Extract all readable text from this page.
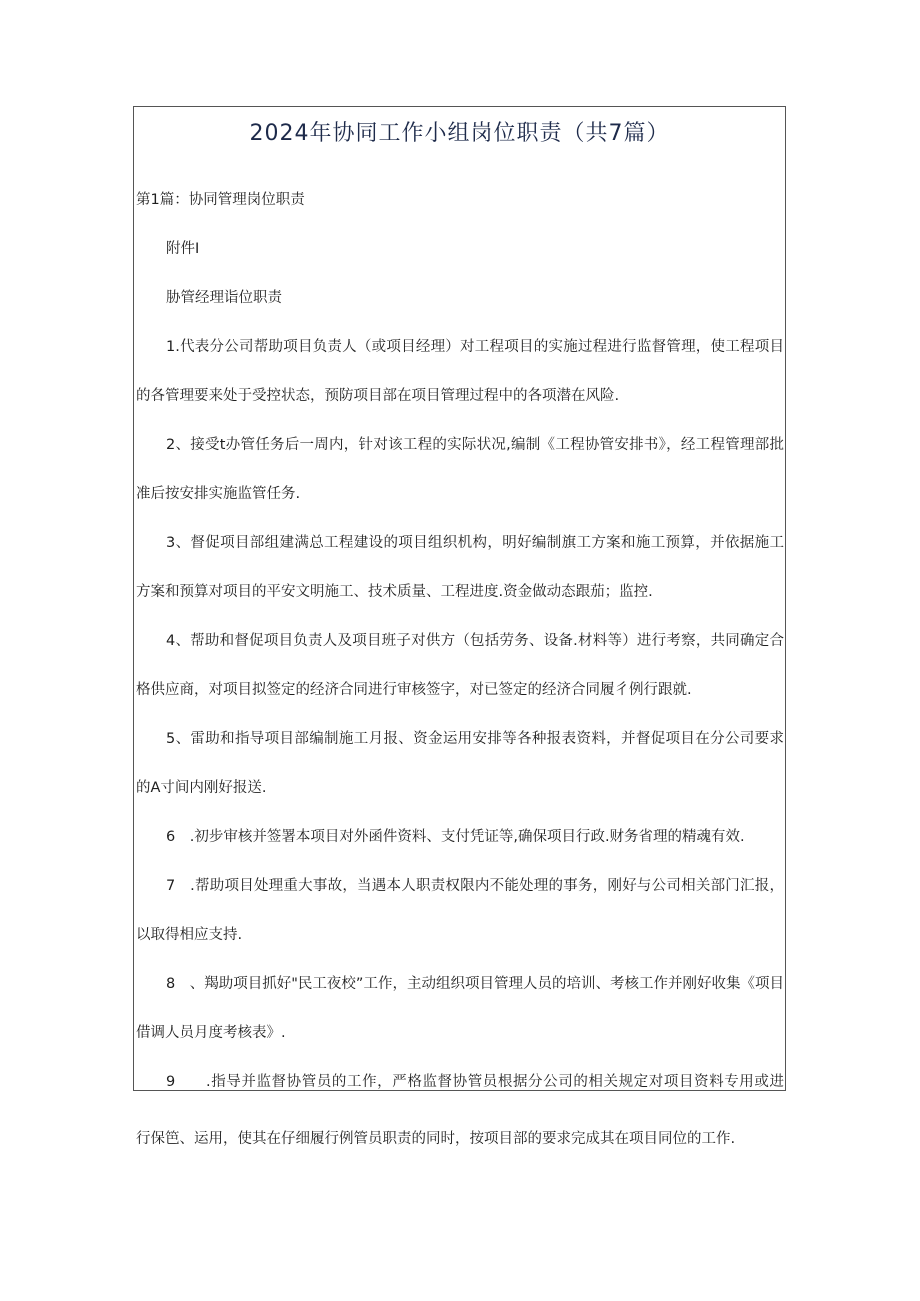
2024年协同工作小组岗位职责（共7篇）
第1篇：协同管理岗位职责
附件I
胁管经理诣位职责
1.代表分公司帮助项目负责人（或项目经理）对工程项目的实施过程进行监督管理，使工程项目
的各管理要来处于受控状态，预防项目部在项目管理过程中的各项潜在风险.
2、接受t办管任务后一周内，针对该工程的实际状况,编制《工程协管安排书》，经工程管理部批
准后按安排实施监管任务.
3、督促项目部组建满总工程建设的项目组织机构，明好编制旗工方案和施工预算，并依据施工
方案和预算对项目的平安文明施工、技术质量、工程进度.资金做动态跟茄；监控.
4、帮助和督促项目负责人及项目班子对供方（包括劳务、设备.材料等）进行考察，共同确定合
格供应商，对项目拟签定的经济合同进行审核签字，对已签定的经济合同履彳例行跟就.
5、雷助和指导项目部编制施工月报、资金运用安排等各种报表资料，并督促项目在分公司要求
的A寸间内刚好报送.
6　.初步审核并签署本项目对外函件资料、支付凭证等,确保项目行政.财务省理的精魂有效.
7　.帮助项目处理重大事故，当遇本人职责权限内不能处理的事务，刚好与公司相关部门汇报，
以取得相应支持.
8　、羯助项目抓好"民工夜校”工作，主动组织项目管理人员的培训、考核工作并刚好收集《项目
借调人员月度考核表》.
9　　.指导并监督协管员的工作，严格监督协管员根据分公司的相关规定对项目资料专用或进
行保笆、运用，使其在仔细履行例管员职责的同时，按项目部的要求完成其在项目同位的工作.
